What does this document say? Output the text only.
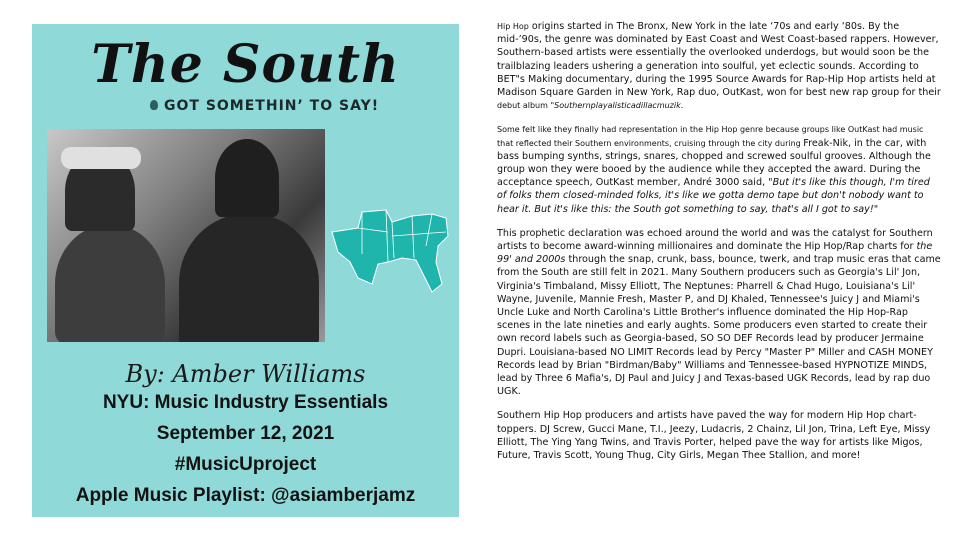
The South
GOT SOMETHIN’ TO SAY!
By: Amber Williams
NYU: Music Industry Essentials
September 12, 2021
#MusicUproject
Apple Music Playlist: @asiamberjamz

Hip Hop origins started in The Bronx, New York in the late ‘70s and early ‘80s. By the mid-’90s, the genre was dominated by East Coast and West Coast-based rappers. However, Southern-based artists were essentially the overlooked underdogs, but would soon be the trailblazing leaders ushering a generation into soulful, yet eclectic sounds. According to BET"s Making documentary, during the 1995 Source Awards for Rap-Hip Hop artists held at Madison Square Garden in New York, Rap duo, OutKast, won for best new rap group for their debut album "Southernplayalisticadillacmuzik.

Some felt like they finally had representation in the Hip Hop genre because groups like OutKast had music that reflected their Southern environments, cruising through the city during Freak-Nik, in the car, with bass bumping synths, strings, snares, chopped and screwed soulful grooves. Although the group won they were booed by the audience while they accepted the award. During the acceptance speech, OutKast member, André 3000 said, "But it's like this though, I'm tired of folks them closed-minded folks, it's like we gotta demo tape but don't nobody want to hear it. But it's like this: the South got something to say, that's all I got to say!"

This prophetic declaration was echoed around the world and was the catalyst for Southern artists to become award-winning millionaires and dominate the Hip Hop/Rap charts for the 99' and 2000s through the snap, crunk, bass, bounce, twerk, and trap music eras that came from the South are still felt in 2021. Many Southern producers such as Georgia's Lil' Jon, Virginia's Timbaland, Missy Elliott, The Neptunes: Pharrell & Chad Hugo, Louisiana's Lil' Wayne, Juvenile, Mannie Fresh, Master P, and DJ Khaled, Tennessee's Juicy J and Miami's Uncle Luke and North Carolina's Little Brother's influence dominated the Hip Hop-Rap scenes in the late nineties and early aughts. Some producers even started to create their own record labels such as Georgia-based, SO SO DEF Records lead by producer Jermaine Dupri. Louisiana-based NO LIMIT Records lead by Percy "Master P" Miller and CASH MONEY Records lead by Brian "Birdman/Baby" Williams and Tennessee-based HYPNOTIZE MINDS, lead by Three 6 Mafia's, DJ Paul and Juicy J and Texas-based UGK Records, lead by rap duo UGK.

Southern Hip Hop producers and artists have paved the way for modern Hip Hop chart-toppers. DJ Screw, Gucci Mane, T.I., Jeezy, Ludacris, 2 Chainz, Lil Jon, Trina, Left Eye, Missy Elliott, The Ying Yang Twins, and Travis Porter, helped pave the way for artists like Migos, Future, Travis Scott, Young Thug, City Girls, Megan Thee Stallion, and more!
